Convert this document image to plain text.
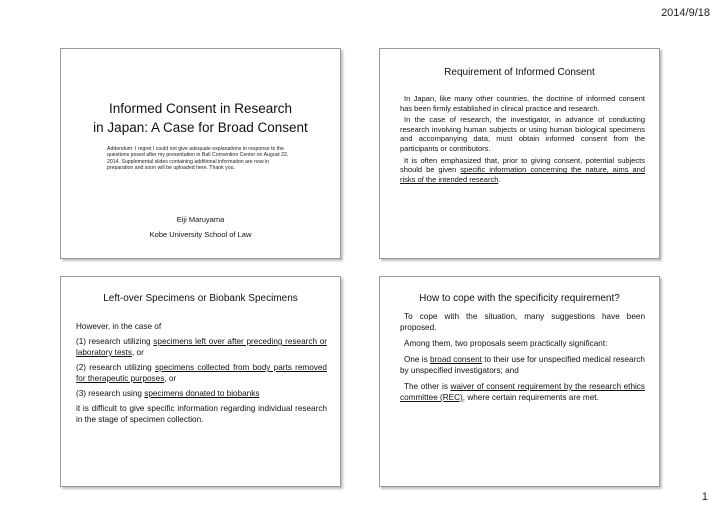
2014/9/18
Informed Consent in Research
in Japan: A Case for Broad Consent
Addendum: I regret I could not give adequate explanations in response to the questions posed after my presentation in Bali Convention Center on August 22, 2014. Supplemental slides containing additional information are now in preparation and soon will be uploaded here. Thank you.
Eiji Maruyama
Kobe University School of Law
Requirement of Informed Consent

In Japan, like many other countries, the doctrine of informed consent has been firmly established in clinical practice and research.

In the case of research, the investigator, in advance of conducting research involving human subjects or using human biological specimens and accompanying data, must obtain informed consent from the participants or contributors.

It is often emphasized that, prior to giving consent, potential subjects should be given specific information concerning the nature, aims and risks of the intended research.

Left-over Specimens or Biobank Specimens

However, in the case of

(1) research utilizing specimens left over after preceding research or laboratory tests, or

(2) research utilizing specimens collected from body parts removed for therapeutic purposes, or

(3) research using specimens donated to biobanks

it is difficult to give specific information regarding individual research in the stage of specimen collection.

How to cope with the specificity requirement?

To cope with the situation, many suggestions have been proposed.

Among them, two proposals seem practically significant:

One is broad consent to their use for unspecified medical research by unspecified investigators; and

The other is waiver of consent requirement by the research ethics committee (REC), where certain requirements are met.

1
